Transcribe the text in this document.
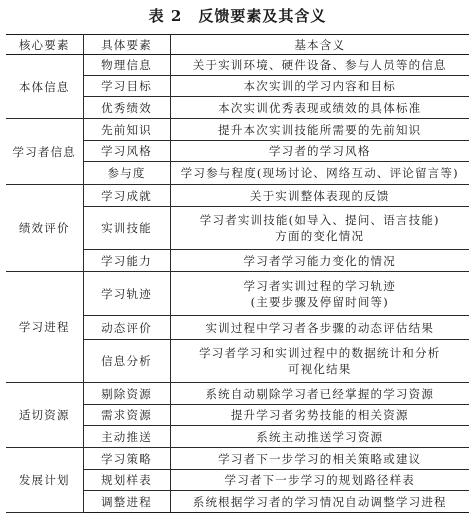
表 2　反馈要素及其含义
核心要素	具体要素	基本含义
本体信息	物理信息	关于实训环境、硬件设备、参与人员等的信息
	学习目标	本次实训的学习内容和目标
	优秀绩效	本次实训优秀表现或绩效的具体标准
学习者信息	先前知识	提升本次实训技能所需要的先前知识
	学习风格	学习者的学习风格
	参与度	学习参与程度(现场讨论、网络互动、评论留言等)
绩效评价	学习成就	关于实训整体表现的反馈
	实训技能	学习者实训技能(如导入、提问、语言技能)
方面的变化情况

	学习能力	学习者学习能力变化的情况
学习进程	学习轨迹	学习者实训过程的学习轨迹
(主要步骤及停留时间等)

	动态评价	实训过程中学习者各步骤的动态评估结果
	信息分析	学习者学习和实训过程中的数据统计和分析
可视化结果

适切资源	剔除资源	系统自动剔除学习者已经掌握的学习资源
	需求资源	提升学习者劣势技能的相关资源
	主动推送	系统主动推送学习资源
发展计划	学习策略	学习者下一步学习的相关策略或建议
	规划样表	学习者下一步学习的规划路径样表
	调整进程	系统根据学习者的学习情况自动调整学习进程
